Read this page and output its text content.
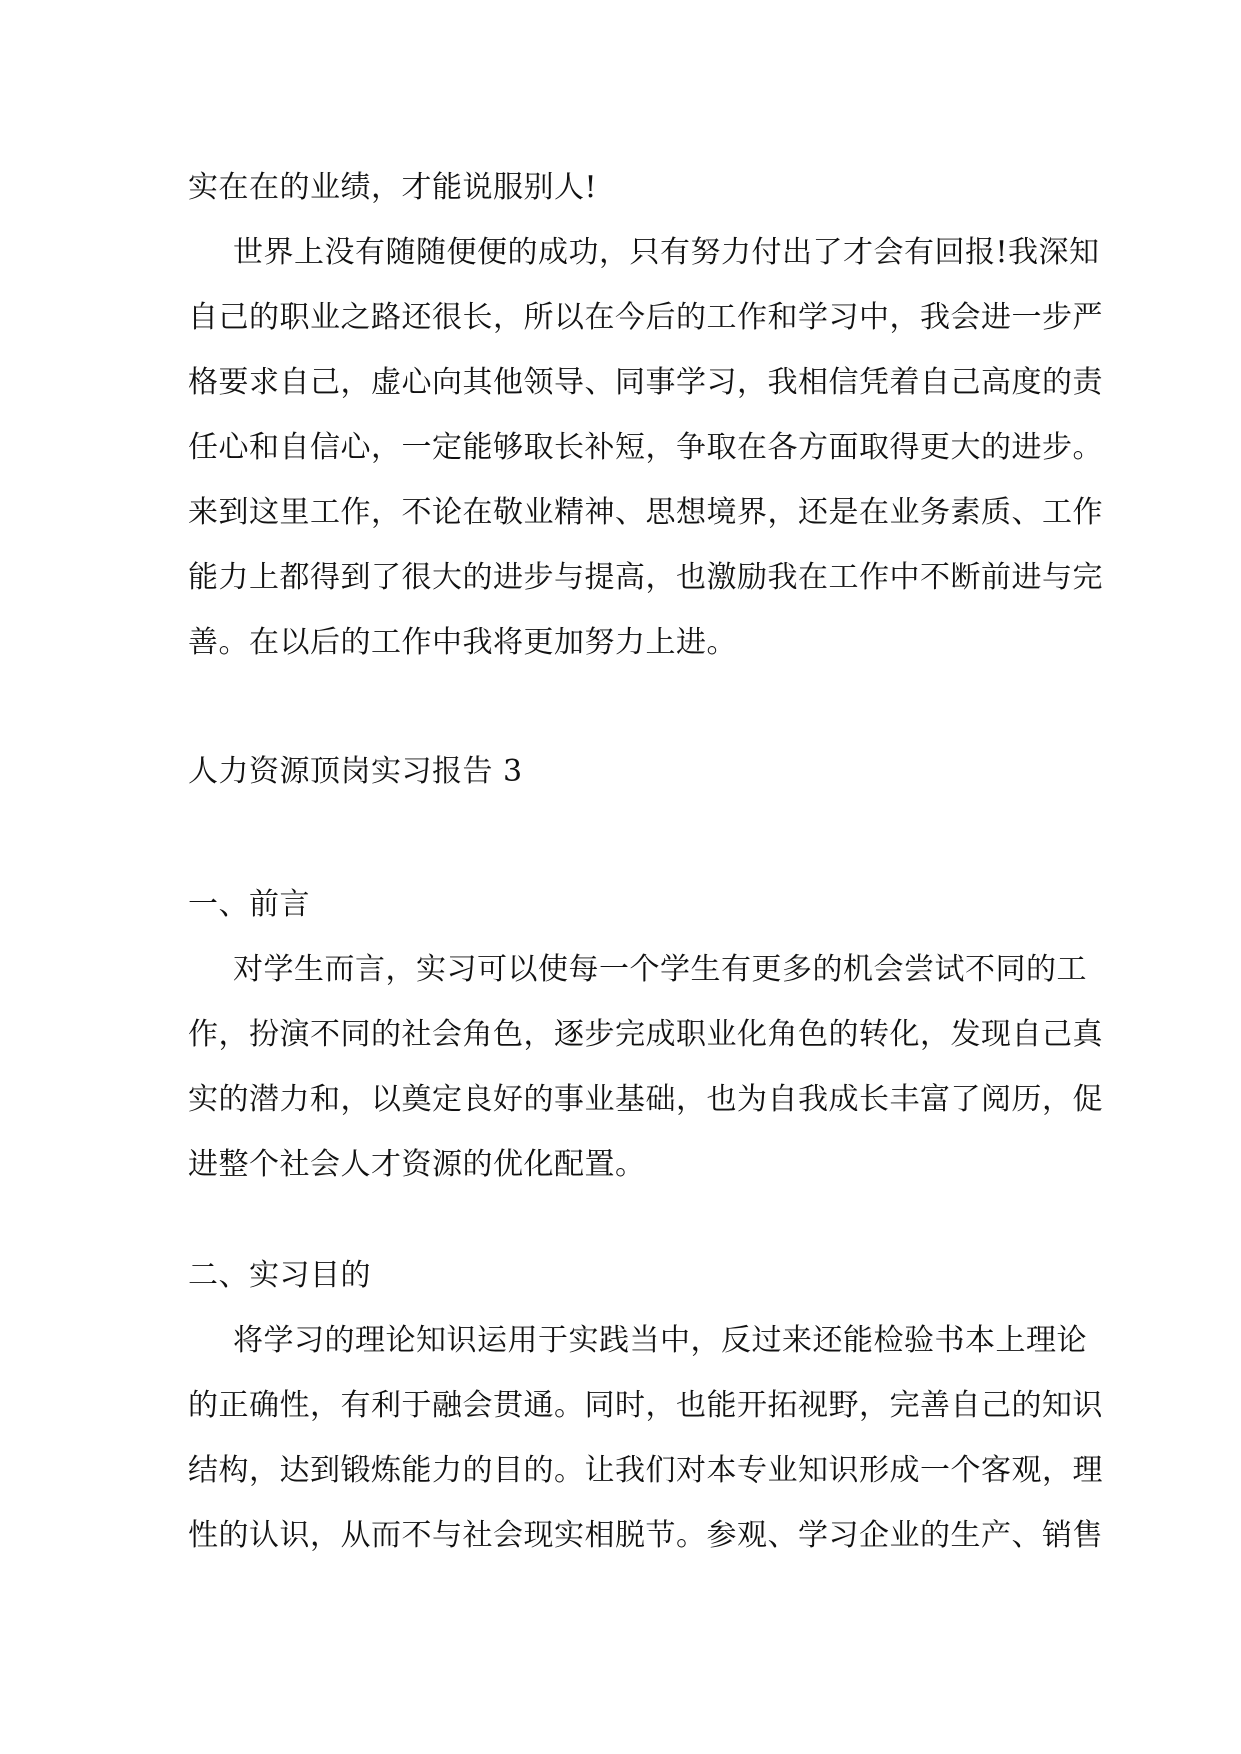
实在在的业绩，才能说服别人!

世界上没有随随便便的成功，只有努力付出了才会有回报!我深知

自己的职业之路还很长，所以在今后的工作和学习中，我会进一步严

格要求自己，虚心向其他领导、同事学习，我相信凭着自己高度的责

任心和自信心，一定能够取长补短，争取在各方面取得更大的进步。

来到这里工作，不论在敬业精神、思想境界，还是在业务素质、工作

能力上都得到了很大的进步与提高，也激励我在工作中不断前进与完

善。在以后的工作中我将更加努力上进。

人力资源顶岗实习报告 3

一、前言

对学生而言，实习可以使每一个学生有更多的机会尝试不同的工

作，扮演不同的社会角色，逐步完成职业化角色的转化，发现自己真

实的潜力和，以奠定良好的事业基础，也为自我成长丰富了阅历，促

进整个社会人才资源的优化配置。

二、实习目的

将学习的理论知识运用于实践当中，反过来还能检验书本上理论

的正确性，有利于融会贯通。同时，也能开拓视野，完善自己的知识

结构，达到锻炼能力的目的。让我们对本专业知识形成一个客观，理

性的认识，从而不与社会现实相脱节。参观、学习企业的生产、销售
